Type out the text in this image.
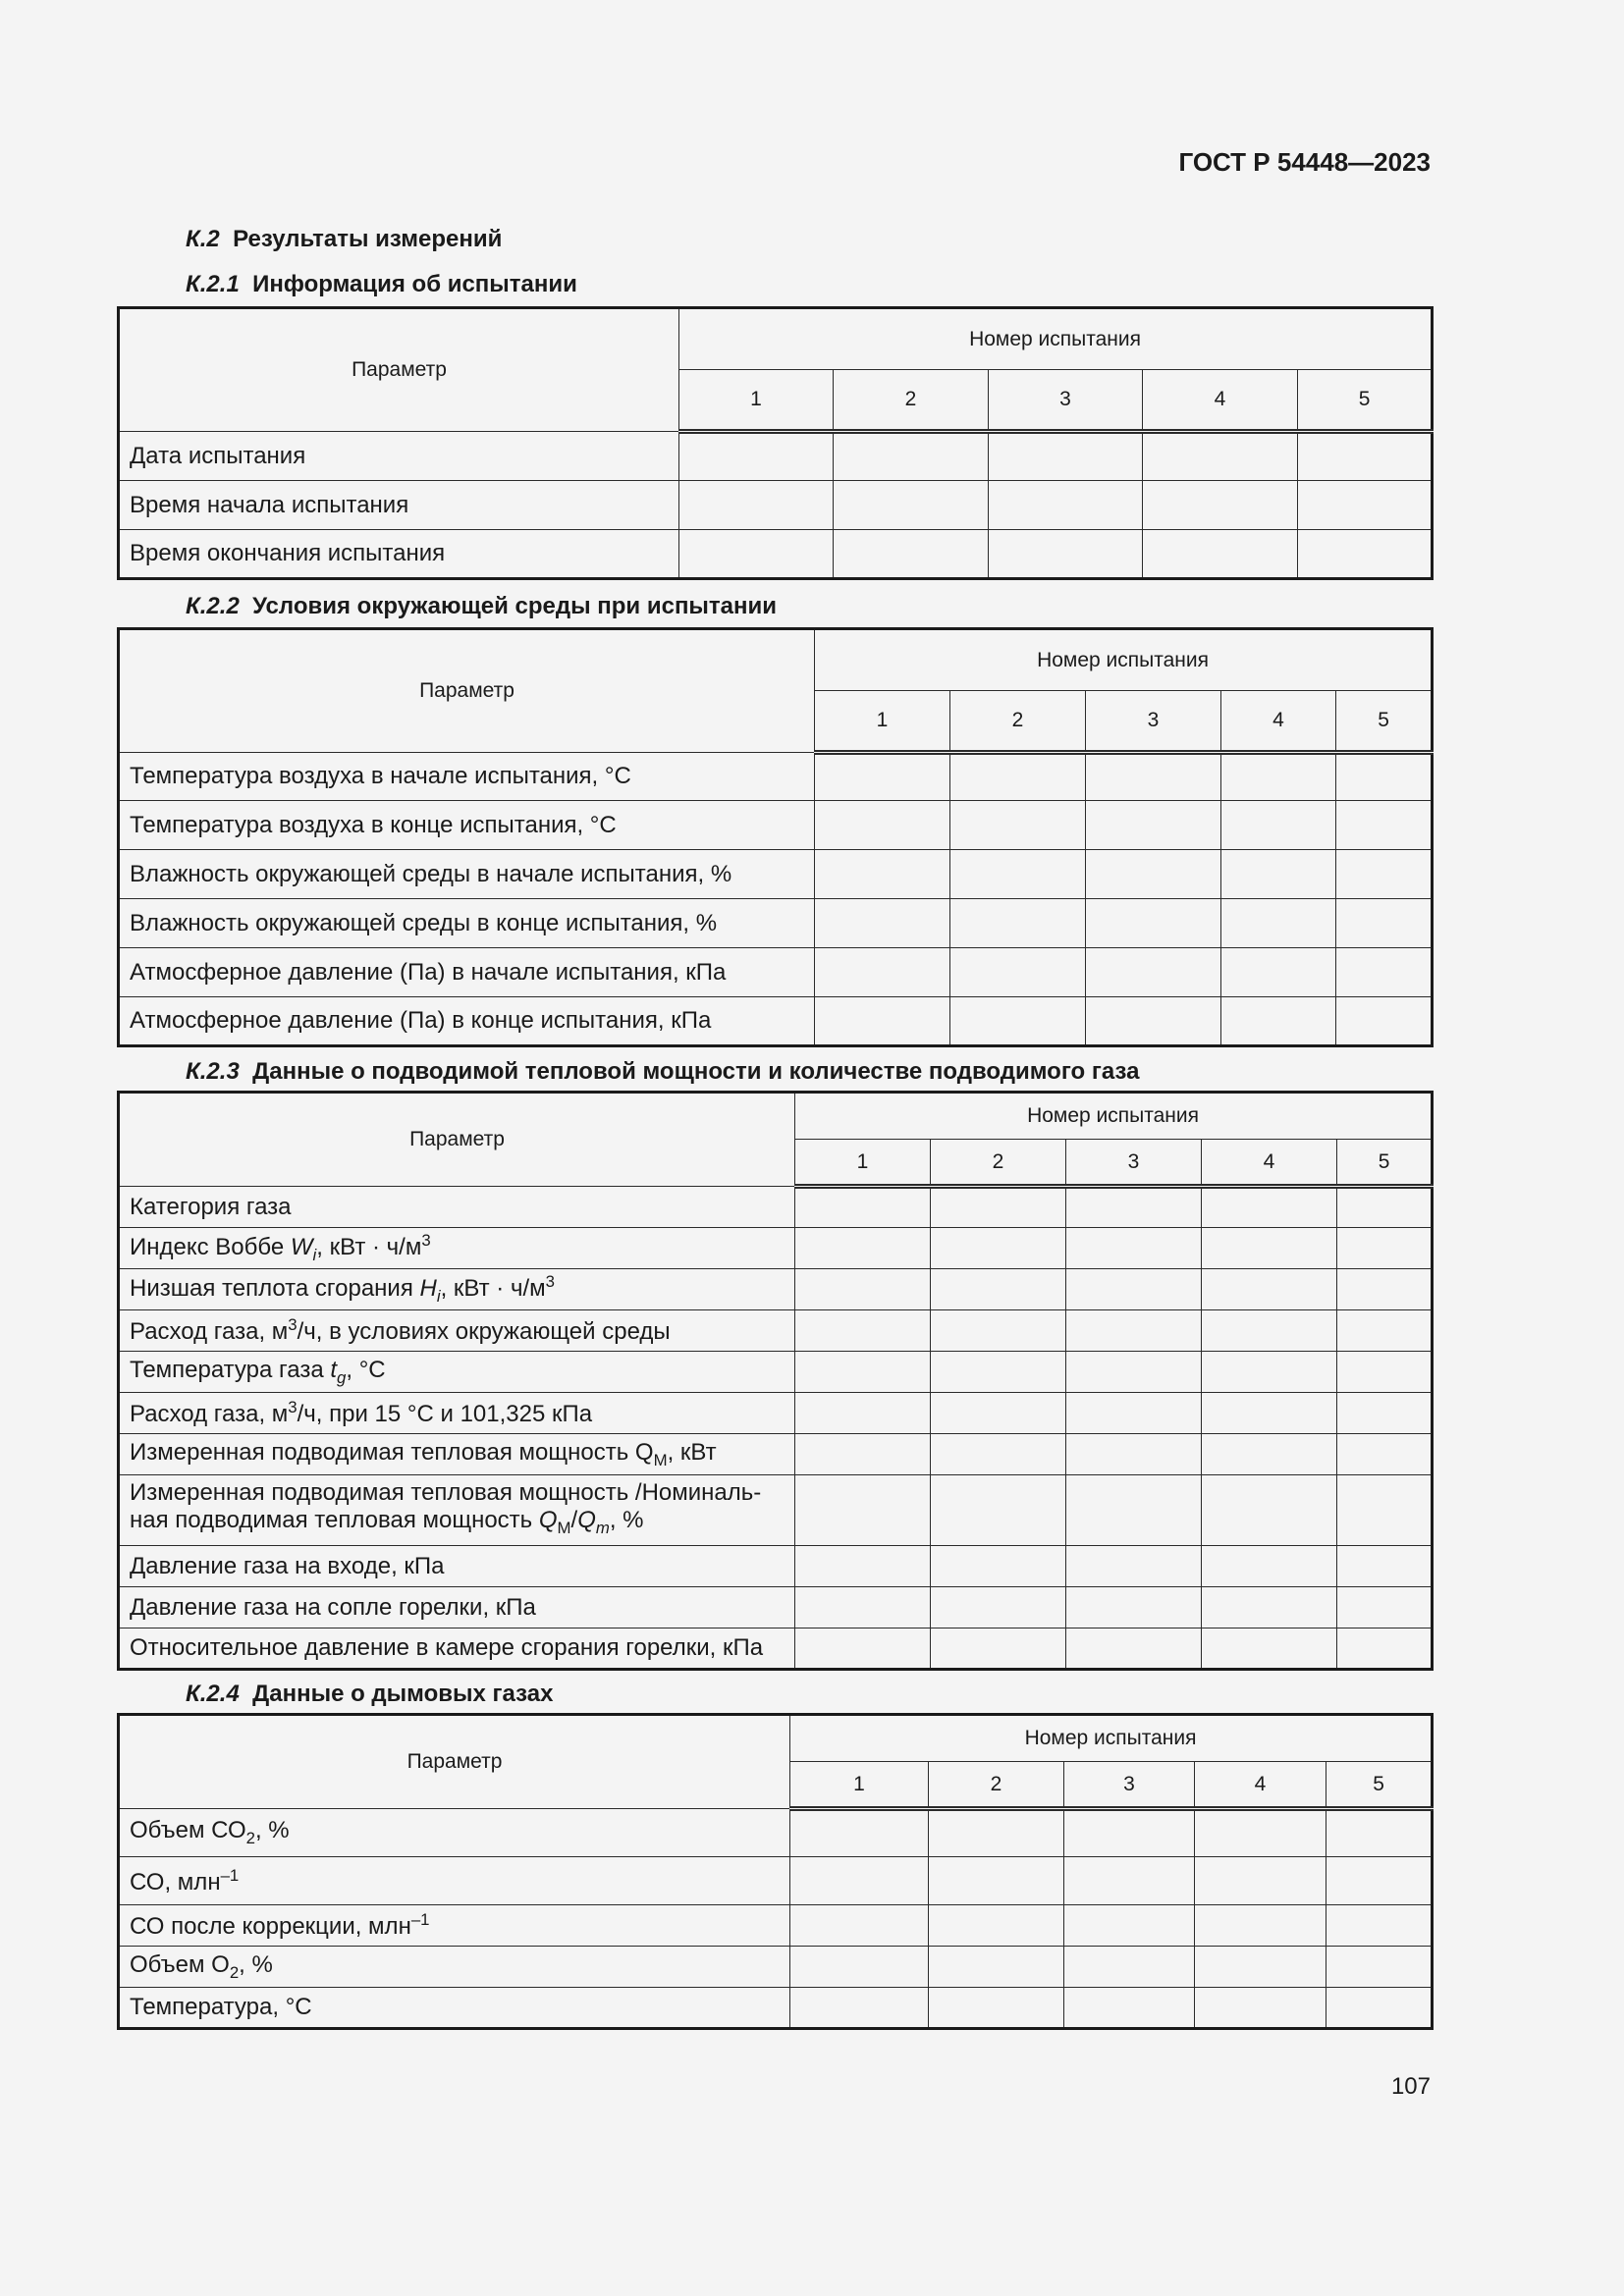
ГОСТ Р 54448—2023
К.2 Результаты измерений
К.2.1 Информация об испытании
Параметр	Номер испытания				
	1	2	3	4	5
Дата испытания					
Время начала испытания					
Время окончания испытания					
К.2.2 Условия окружающей среды при испытании
Параметр	Номер испытания				
	1	2	3	4	5
Температура воздуха в начале испытания, °С					
Температура воздуха в конце испытания, °С					
Влажность окружающей среды в начале испытания, %					
Влажность окружающей среды в конце испытания, %					
Атмосферное давление (Па) в начале испытания, кПа					
Атмосферное давление (Па) в конце испытания, кПа					
К.2.3 Данные о подводимой тепловой мощности и количестве подводимого газа
Параметр	Номер испытания				
	1	2	3	4	5
Категория газа					
Индекс Воббе $W_i$, кВт · $ч/м^3$					
Низшая теплота сгорания $H_i$, кВт · $ч/м^3$					
Расход газа, $м^3/ч$, в условиях окружающей среды					
Температура газа $t_g$, °С					
Расход газа, $м^3/ч$, при 15 °С и 101,325 кПа					
Измеренная подводимая тепловая мощность $Q_M$, кВт					
Измеренная подводимая тепловая мощность /Номиналь-
ная подводимая тепловая мощность $Q_M/Q_m$, %					
Давление газа на входе, кПа					
Давление газа на сопле горелки, кПа					
Относительное давление в камере сгорания горелки, кПа					
К.2.4 Данные о дымовых газах
Параметр	Номер испытания				
	1	2	3	4	5
Объем $СО_2$, %					
СО, млн$^{-1}$					
СО после коррекции, млн$^{-1}$					
Объем $О_2$, %					
Температура, °С					
107
